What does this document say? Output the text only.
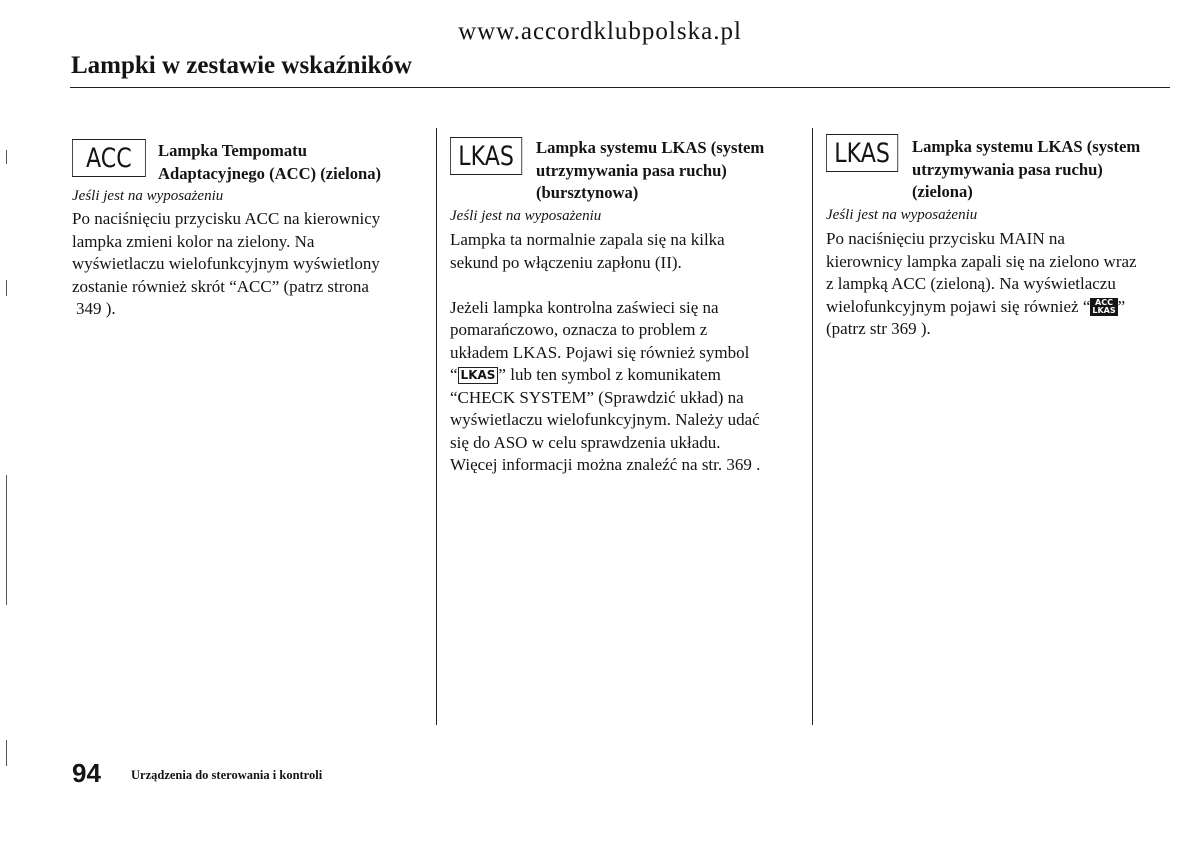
www.accordklubpolska.pl
Lampki w zestawie wskaźników
ACC	Lampka Tempomatu
Adaptacyjnego (ACC) (zielona)
Jeśli jest na wyposażeniu
Po naciśnięciu przycisku ACC na kierownicy
lampka zmieni kolor na zielony. Na
wyświetlaczu wielofunkcyjnym wyświetlony
zostanie również skrót “ACC” (patrz strona
349 ).
LKAS	Lampka systemu LKAS (system
utrzymywania pasa ruchu)
(bursztynowa)
Jeśli jest na wyposażeniu
Lampka ta normalnie zapala się na kilka
sekund po włączeniu zapłonu (II).
Jeżeli lampka kontrolna zaświeci się na
pomarańczowo, oznacza to problem z
układem LKAS. Pojawi się również symbol
“ LKAS ” lub ten symbol z komunikatem
“CHECK SYSTEM” (Sprawdzić układ) na
wyświetlaczu wielofunkcyjnym. Należy udać
się do ASO w celu sprawdzenia układu.
Więcej informacji można znaleźć na str. 369 .
LKAS	Lampka systemu LKAS (system
utrzymywania pasa ruchu)
(zielona)
Jeśli jest na wyposażeniu
Po naciśnięciu przycisku MAIN na
kierownicy lampka zapali się na zielono wraz
z lampką ACC (zieloną). Na wyświetlaczu
wielofunkcyjnym pojawi się również “ ACC
LKAS ”
(patrz str 369 ).
94 Urządzenia do sterowania i kontroli
